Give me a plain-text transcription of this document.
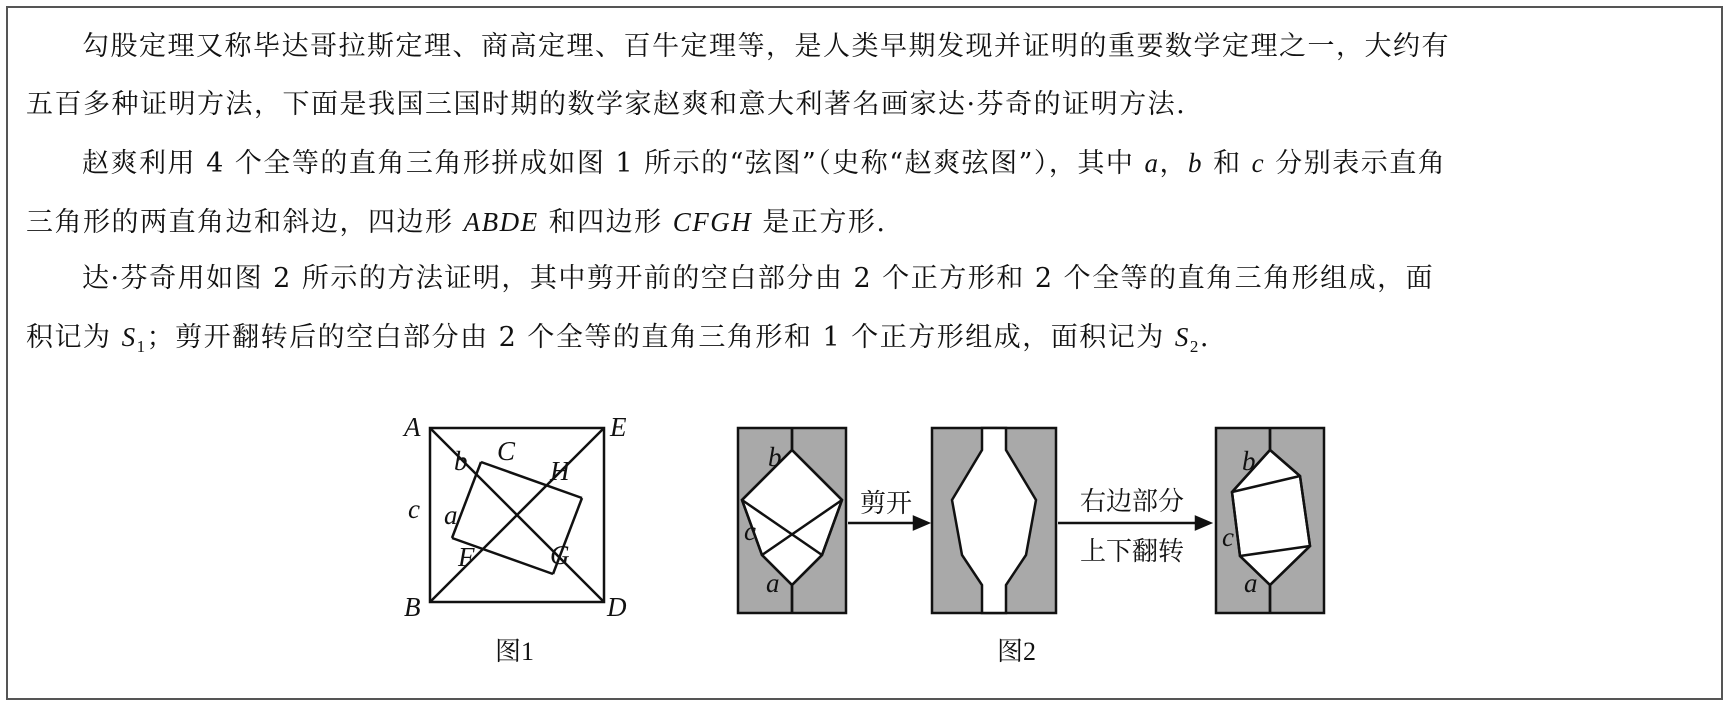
勾股定理又称毕达哥拉斯定理、商高定理、百牛定理等，是人类早期发现并证明的重要数学定理之一，大约有
五百多种证明方法，下面是我国三国时期的数学家赵爽和意大利著名画家达·芬奇的证明方法.
赵爽利用 4 个全等的直角三角形拼成如图 1 所示的“弦图”（史称“赵爽弦图”），其中 a，b 和 c 分别表示直角
三角形的两直角边和斜边，四边形 ABDE 和四边形 CFGH 是正方形.
达·芬奇用如图 2 所示的方法证明，其中剪开前的空白部分由 2 个正方形和 2 个全等的直角三角形组成，面
积记为 $S_1$；剪开翻转后的空白部分由 2 个全等的直角三角形和 1 个正方形组成，面积记为 $S_2$.
A
B
C
D
E
F	G
H
b
c a
图1
剪开	右边部分
上下翻转
b
c
a
b
c
a
图2
